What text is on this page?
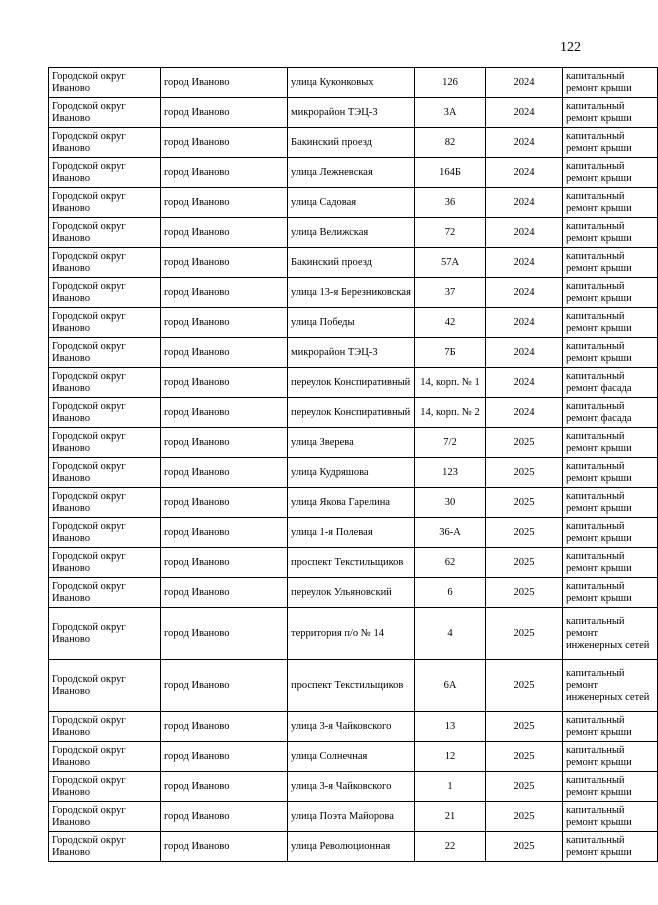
122
Городской округ Иваново	город Иваново	улица Куконковых	126	2024	капитальный ремонт крыши
Городской округ Иваново	город Иваново	микрорайон ТЭЦ-3	3А	2024	капитальный ремонт крыши
Городской округ Иваново	город Иваново	Бакинский проезд	82	2024	капитальный ремонт крыши
Городской округ Иваново	город Иваново	улица Лежневская	164Б	2024	капитальный ремонт крыши
Городской округ Иваново	город Иваново	улица Садовая	36	2024	капитальный ремонт крыши
Городской округ Иваново	город Иваново	улица Велижская	72	2024	капитальный ремонт крыши
Городской округ Иваново	город Иваново	Бакинский проезд	57А	2024	капитальный ремонт крыши
Городской округ Иваново	город Иваново	улица 13-я Березниковская	37	2024	капитальный ремонт крыши
Городской округ Иваново	город Иваново	улица Победы	42	2024	капитальный ремонт крыши
Городской округ Иваново	город Иваново	микрорайон ТЭЦ-3	7Б	2024	капитальный ремонт крыши
Городской округ Иваново	город Иваново	переулок Конспиративный	14, корп. № 1	2024	капитальный ремонт фасада
Городской округ Иваново	город Иваново	переулок Конспиративный	14, корп. № 2	2024	капитальный ремонт фасада
Городской округ Иваново	город Иваново	улица Зверева	7/2	2025	капитальный ремонт крыши
Городской округ Иваново	город Иваново	улица Кудряшова	123	2025	капитальный ремонт крыши
Городской округ Иваново	город Иваново	улица Якова Гарелина	30	2025	капитальный ремонт крыши
Городской округ Иваново	город Иваново	улица 1-я Полевая	36-А	2025	капитальный ремонт крыши
Городской округ Иваново	город Иваново	проспект Текстильщиков	62	2025	капитальный ремонт крыши
Городской округ Иваново	город Иваново	переулок Ульяновский	6	2025	капитальный ремонт крыши
Городской округ Иваново	город Иваново	территория п/о № 14	4	2025	капитальный ремонт инженерных сетей
Городской округ Иваново	город Иваново	проспект Текстильщиков	6А	2025	капитальный ремонт инженерных сетей
Городской округ Иваново	город Иваново	улица 3-я Чайковского	13	2025	капитальный ремонт крыши
Городской округ Иваново	город Иваново	улица Солнечная	12	2025	капитальный ремонт крыши
Городской округ Иваново	город Иваново	улица 3-я Чайковского	1	2025	капитальный ремонт крыши
Городской округ Иваново	город Иваново	улица Поэта Майорова	21	2025	капитальный ремонт крыши
Городской округ Иваново	город Иваново	улица Революционная	22	2025	капитальный ремонт крыши
